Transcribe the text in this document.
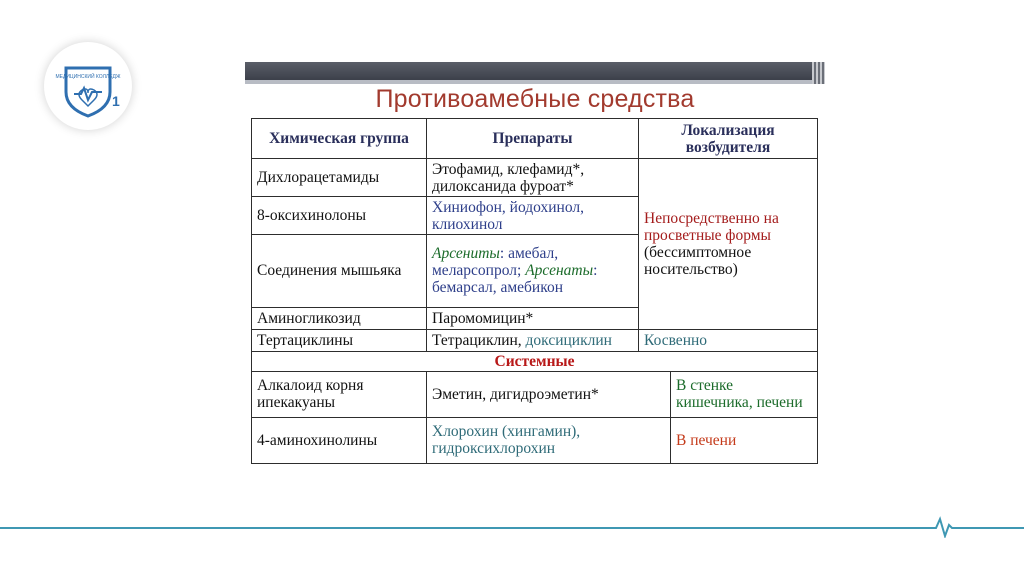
МЕДИЦИНСКИЙ КОЛЛЕДЖ
1	Противоамебные средства
Химическая группа	Препараты	Локализация возбудителя	
Дихлорацетамиды	Этофамид, клефамид*, дилоксанида фуроат*	Непосредственно на просветные формы (бессимптомное носительство)	
8-оксихинолоны	Хиниофон, йодохинол, клиохинол		
Соединения мышьяка	Арсениты: амебал, меларсопрол; Арсенаты: бемарсал, амебикон		
Аминогликозид	Паромомицин*		
Тертациклины	Тетрациклин, доксициклин	Косвенно	
Системные			
Алкалоид корня ипекакуаны	Эметин, дигидроэметин*		В стенке кишечника, печени
4-аминохинолины	Хлорохин (хингамин), гидроксихлорохин		В печени
